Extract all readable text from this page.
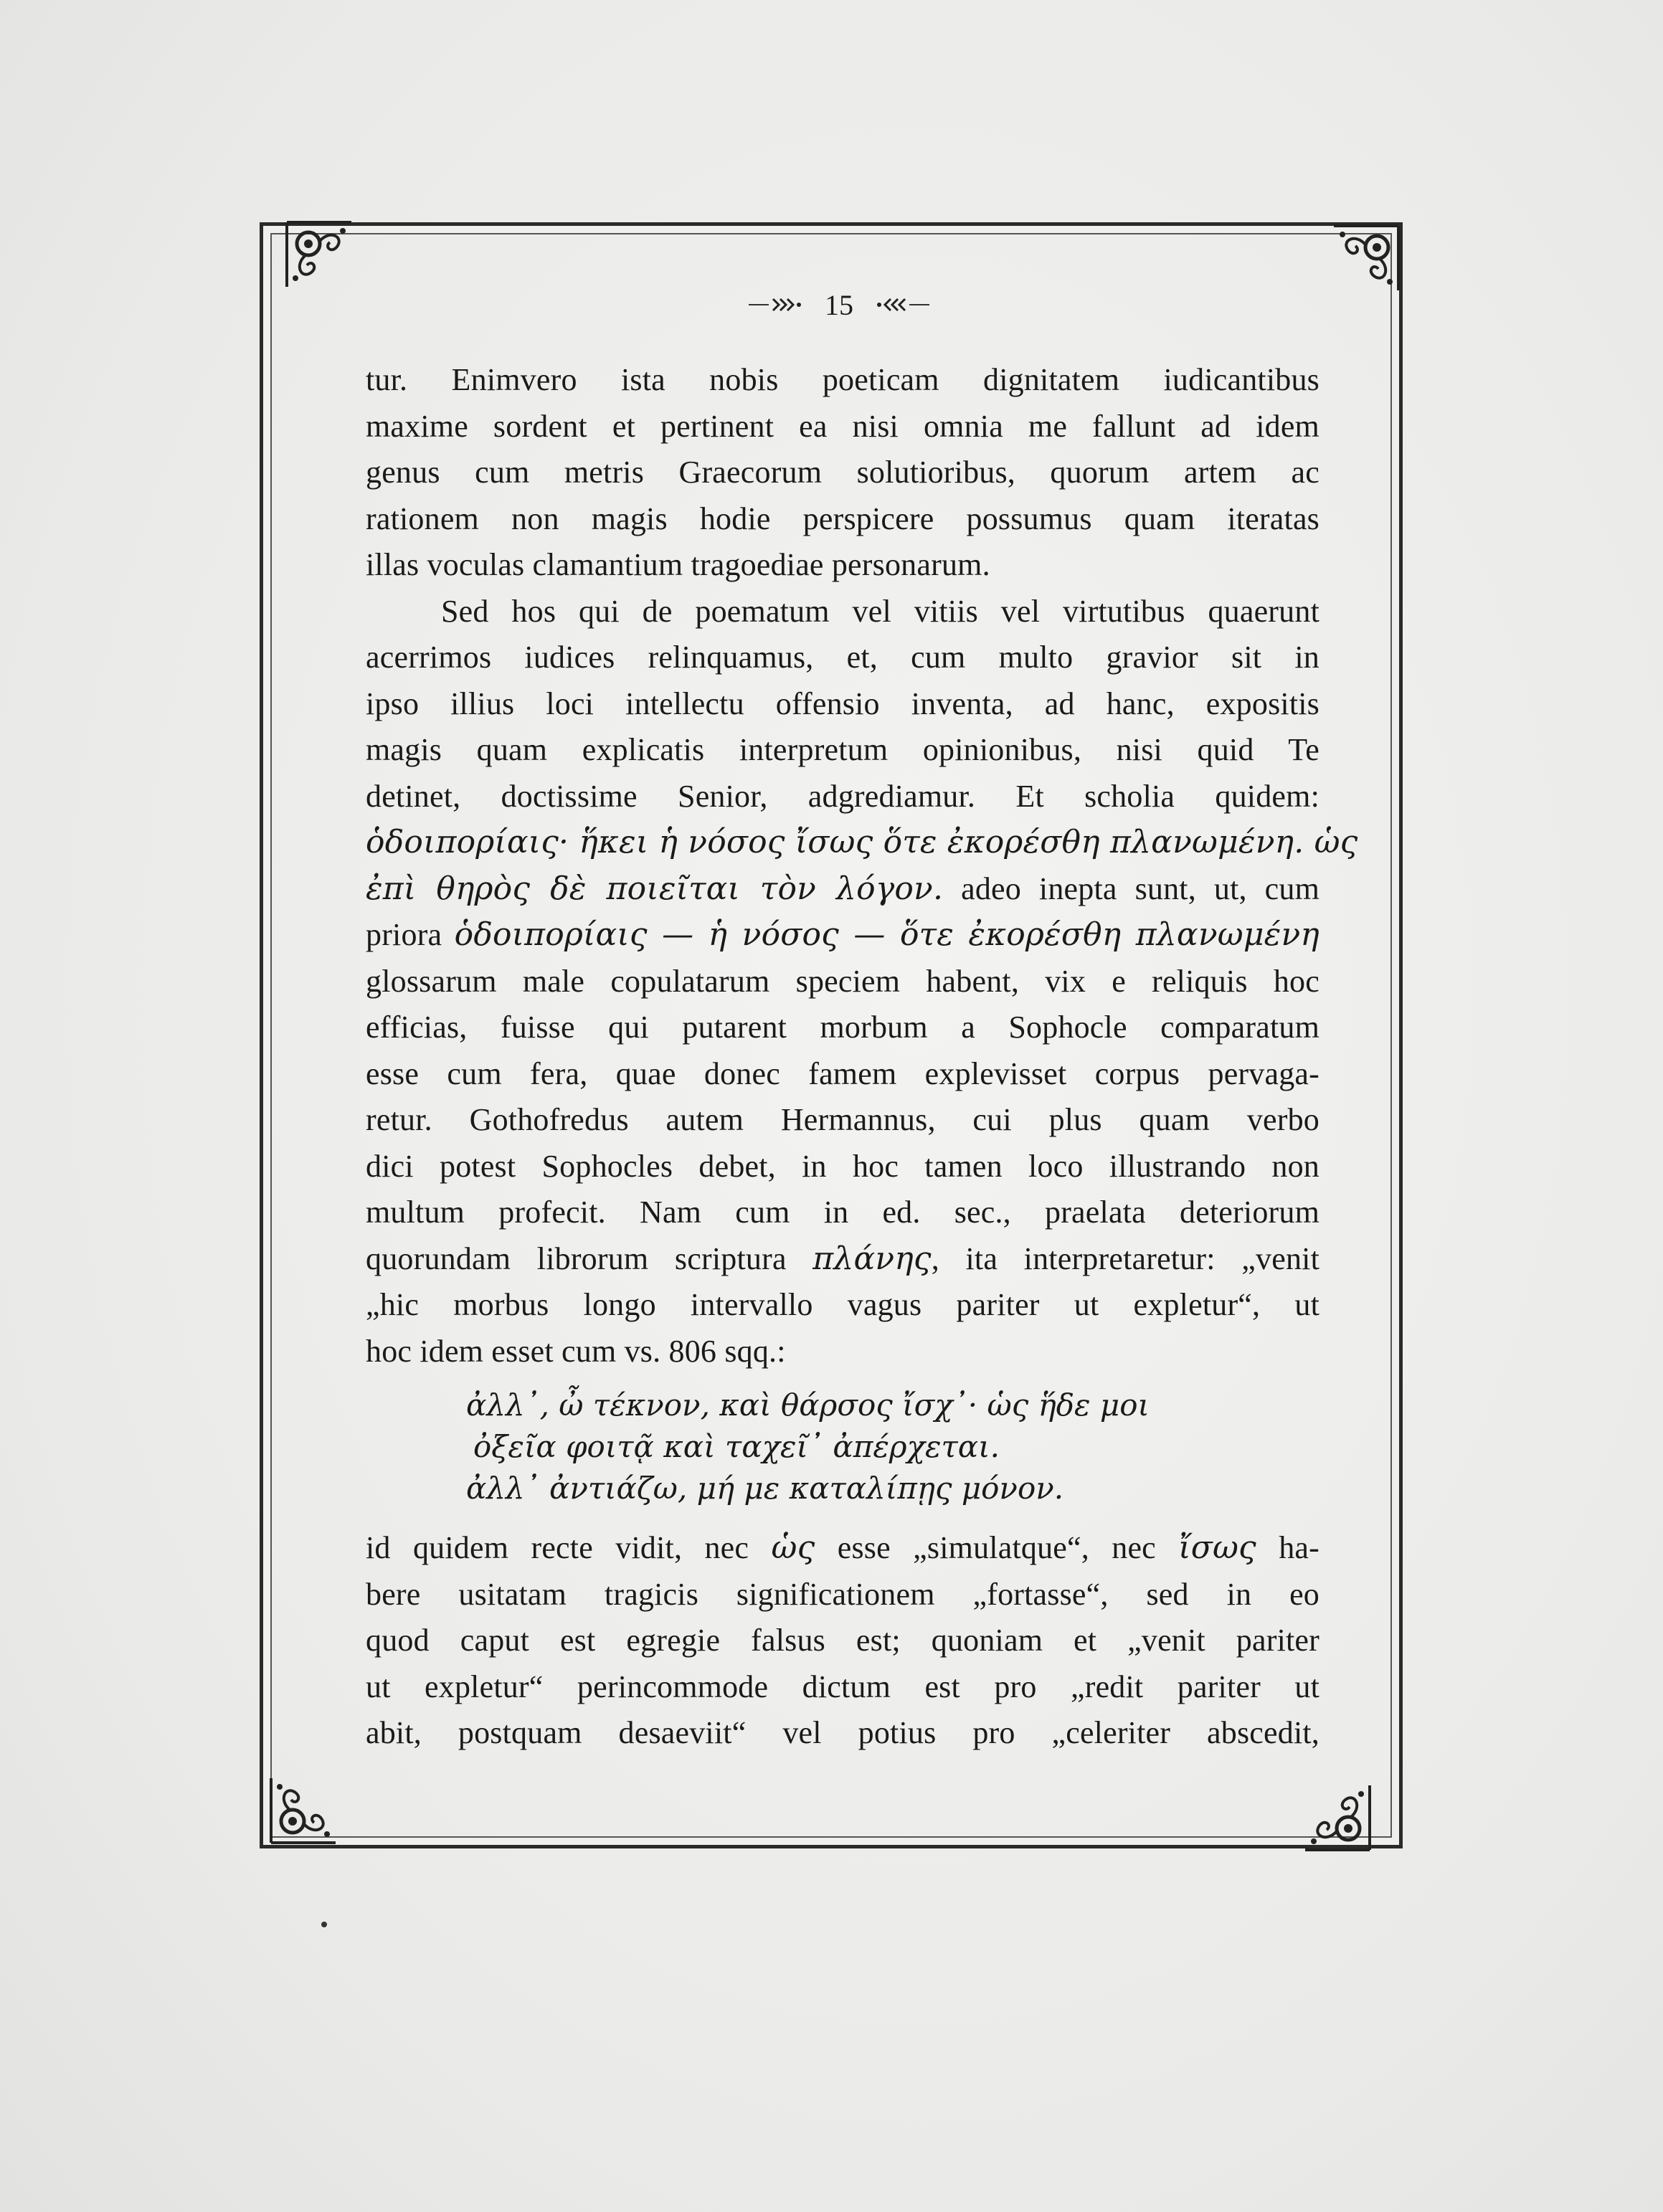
15
tur. Enimvero ista nobis poeticam dignitatem iudicantibus
maxime sordent et pertinent ea nisi omnia me fallunt ad idem
genus cum metris Graecorum solutioribus, quorum artem ac
rationem non magis hodie perspicere possumus quam iteratas
illas voculas clamantium tragoediae personarum.
Sed hos qui de poematum vel vitiis vel virtutibus quaerunt
acerrimos iudices relinquamus, et, cum multo gravior sit in
ipso illius loci intellectu offensio inventa, ad hanc, expositis
magis quam explicatis interpretum opinionibus, nisi quid Te
detinet, doctissime Senior, adgrediamur. Et scholia quidem:
ὁδοιπορίαις· ἥκει ἡ νόσος ἴσως ὅτε ἐκορέσθη πλανωμένη. ὡς
ἐπὶ θηρὸς δὲ ποιεῖται τὸν λόγον. adeo inepta sunt, ut, cum
priora ὁδοιπορίαις — ἡ νόσος — ὅτε ἐκορέσθη πλανωμένη
glossarum male copulatarum speciem habent, vix e reliquis hoc
efficias, fuisse qui putarent morbum a Sophocle comparatum
esse cum fera, quae donec famem explevisset corpus pervaga-
retur. Gothofredus autem Hermannus, cui plus quam verbo
dici potest Sophocles debet, in hoc tamen loco illustrando non
multum profecit. Nam cum in ed. sec., praelata deteriorum
quorundam librorum scriptura πλάνης, ita interpretaretur: „venit
„hic morbus longo intervallo vagus pariter ut expletur“, ut
hoc idem esset cum vs. 806 sqq.:
ἀλλ᾽, ὦ τέκνον, καὶ θάρσος ἴσχ᾽· ὡς ἥδε μοι
ὀξεῖα φοιτᾷ καὶ ταχεῖ᾽ ἀπέρχεται.
ἀλλ᾽ ἀντιάζω, μή με καταλίπῃς μόνον.
id quidem recte vidit, nec ὡς esse „simulatque“, nec ἴσως ha-
bere usitatam tragicis significationem „fortasse“, sed in eo
quod caput est egregie falsus est; quoniam et „venit pariter
ut expletur“ perincommode dictum est pro „redit pariter ut
abit, postquam desaeviit“ vel potius pro „celeriter abscedit,
